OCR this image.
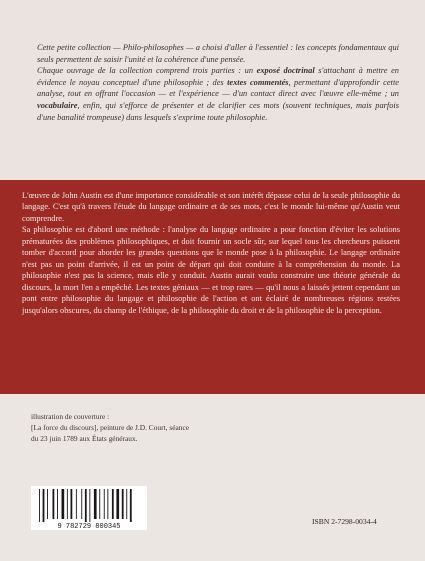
Cette petite collection — Philo-philosophes — a choisi d'aller à l'essentiel : les concepts fondamentaux qui seuls permettent de saisir l'unité et la cohérence d'une pensée.

Chaque ouvrage de la collection comprend trois parties : un exposé doctrinal s'attachant à mettre en évidence le noyau conceptuel d'une philosophie ; des textes commentés, permettant d'approfondir cette analyse, tout en offrant l'occasion — et l'expérience — d'un contact direct avec l'œuvre elle-même ; un vocabulaire, enfin, qui s'efforce de présenter et de clarifier ces mots (souvent techniques, mais parfois d'une banalité trompeuse) dans lesquels s'exprime toute philosophie.

L'œuvre de John Austin est d'une importance considérable et son intérêt dépasse celui de la seule philosophie du langage. C'est qu'à travers l'étude du langage ordinaire et de ses mots, c'est le monde lui-même qu'Austin veut comprendre.

Sa philosophie est d'abord une méthode : l'analyse du langage ordinaire a pour fonction d'éviter les solutions prématurées des problèmes philosophiques, et doit fournir un socle sûr, sur lequel tous les chercheurs puissent tomber d'accord pour aborder les grandes questions que le monde pose à la philosophie. Le langage ordinaire n'est pas un point d'arrivée, il est un point de départ qui doit conduire à la compréhension du monde. La philosophie n'est pas la science, mais elle y conduit. Austin aurait voulu construire une théorie générale du discours, la mort l'en a empêché. Les textes géniaux — et trop rares — qu'il nous a laissés jettent cependant un pont entre philosophie du langage et philosophie de l'action et ont éclairé de nombreuses régions restées jusqu'alors obscures, du champ de l'éthique, de la philosophie du droit et de la philosophie de la perception.

illustration de couverture :
[La force du discours], peinture de J.D. Court, séance
du 23 juin 1789 aux États généraux.
9 782729 800345
ISBN 2-7298-0034-4
